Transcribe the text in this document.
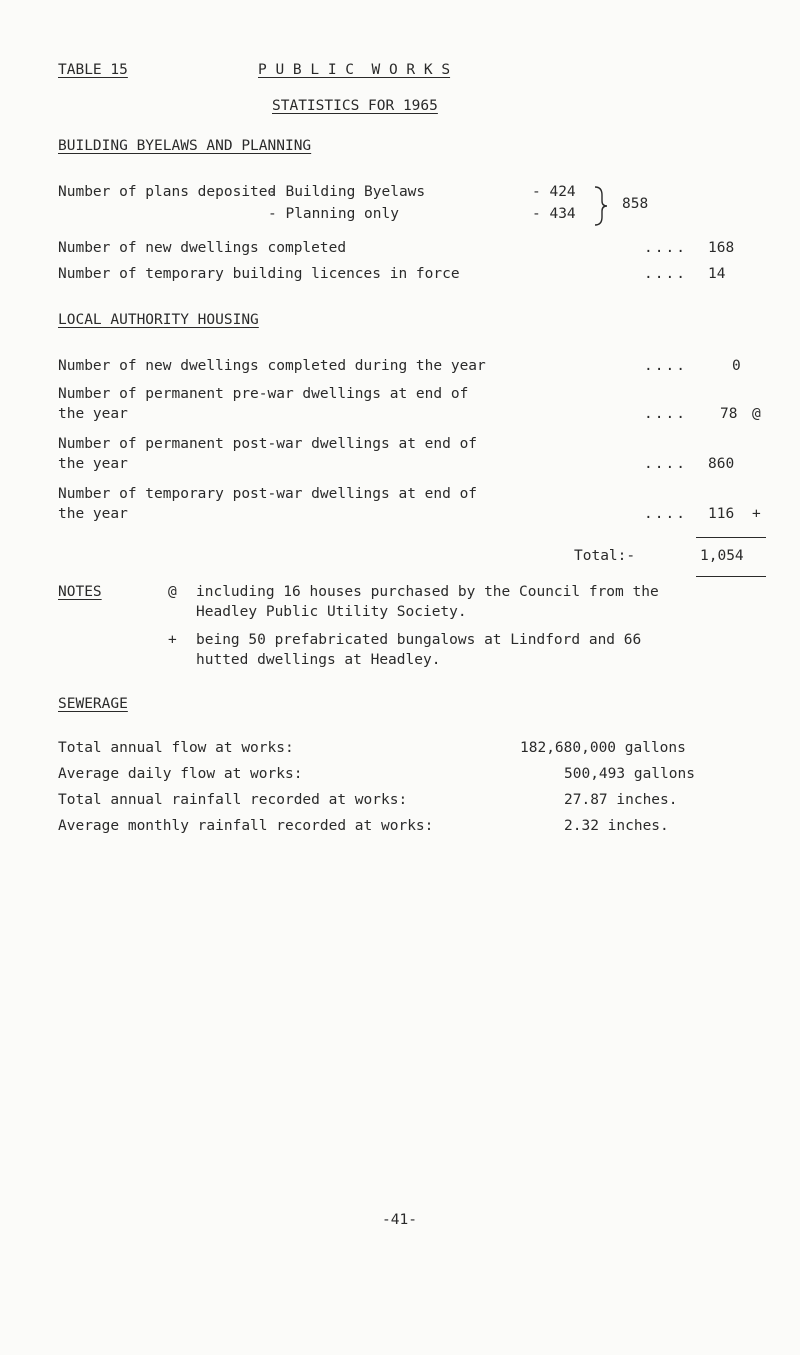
TABLE 15	P U B L I C  W O R K S
STATISTICS FOR 1965
BUILDING BYELAWS AND PLANNING
Number of plans deposited
- Building Byelaws	- 424
- Planning only	- 434
858
Number of new dwellings completed	.... 168
Number of temporary building licences in force	.... 14
LOCAL AUTHORITY HOUSING
Number of new dwellings completed during the year	....	0
Number of permanent pre-war dwellings at end of
the year	.... 78 @
Number of permanent post-war dwellings at end of
the year	.... 860
Number of temporary post-war dwellings at end of
the year	.... 116 +
Total:-	1,054
NOTES	@ including 16 houses purchased by the Council from the
Headley Public Utility Society.
+ being 50 prefabricated bungalows at Lindford and 66
hutted dwellings at Headley.
SEWERAGE
Total annual flow at works:	182,680,000 gallons
Average daily flow at works:	500,493 gallons
Total annual rainfall recorded at works:	27.87 inches.
Average monthly rainfall recorded at works:	2.32 inches.
-41-
